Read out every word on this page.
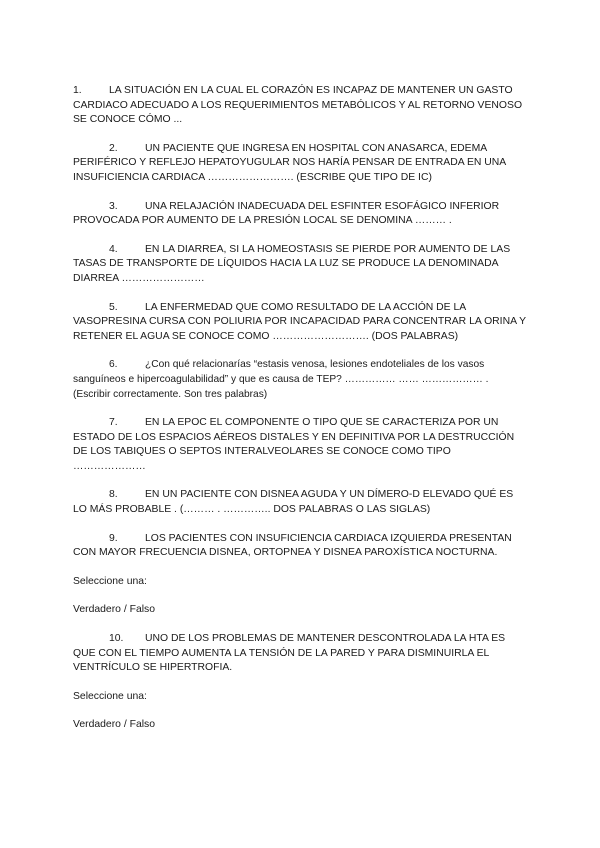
1.	LA SITUACIÓN EN LA CUAL EL CORAZÓN ES INCAPAZ DE MANTENER UN GASTO CARDIACO ADECUADO A LOS REQUERIMIENTOS METABÓLICOS Y AL RETORNO VENOSO SE CONOCE CÓMO ...

2.	UN PACIENTE QUE INGRESA EN HOSPITAL CON ANASARCA, EDEMA PERIFÉRICO Y REFLEJO HEPATOYUGULAR NOS HARÍA PENSAR DE ENTRADA EN UNA INSUFICIENCIA CARDIACA ……………………. (ESCRIBE QUE TIPO DE IC)

3.	UNA RELAJACIÓN INADECUADA DEL ESFINTER ESOFÁGICO INFERIOR PROVOCADA POR AUMENTO DE LA PRESIÓN LOCAL SE DENOMINA ……… .

4.	EN LA DIARREA, SI LA HOMEOSTASIS SE PIERDE POR AUMENTO DE LAS TASAS DE TRANSPORTE DE LÍQUIDOS HACIA LA LUZ SE PRODUCE LA DENOMINADA DIARREA ……………………

5.	LA ENFERMEDAD QUE COMO RESULTADO DE LA ACCIÓN DE LA VASOPRESINA CURSA CON POLIURIA POR INCAPACIDAD PARA CONCENTRAR LA ORINA Y RETENER EL AGUA SE CONOCE COMO ………………………. (DOS PALABRAS)

6.	¿Con qué relacionarías “estasis venosa, lesiones endoteliales de los vasos sanguíneos e hipercoagulabilidad” y que es causa de TEP? …………… …… ……………… . (Escribir correctamente. Son tres palabras)

7.	EN LA EPOC EL COMPONENTE O TIPO QUE SE CARACTERIZA POR UN ESTADO DE LOS ESPACIOS AÉREOS DISTALES Y EN DEFINITIVA POR LA DESTRUCCIÓN DE LOS TABIQUES O SEPTOS INTERALVEOLARES SE CONOCE COMO TIPO …………………

8.	EN UN PACIENTE CON DISNEA AGUDA Y UN DÍMERO-D ELEVADO QUÉ ES LO MÁS PROBABLE . (……… . ………….. DOS PALABRAS O LAS SIGLAS)

9.	LOS PACIENTES CON INSUFICIENCIA CARDIACA IZQUIERDA PRESENTAN CON MAYOR FRECUENCIA DISNEA, ORTOPNEA Y DISNEA PAROXÍSTICA NOCTURNA.

Seleccione una:

Verdadero / Falso

10. UNO DE LOS PROBLEMAS DE MANTENER DESCONTROLADA LA HTA ES QUE CON EL TIEMPO AUMENTA LA TENSIÓN DE LA PARED Y PARA DISMINUIRLA EL VENTRÍCULO SE HIPERTROFIA.

Seleccione una:

Verdadero / Falso
